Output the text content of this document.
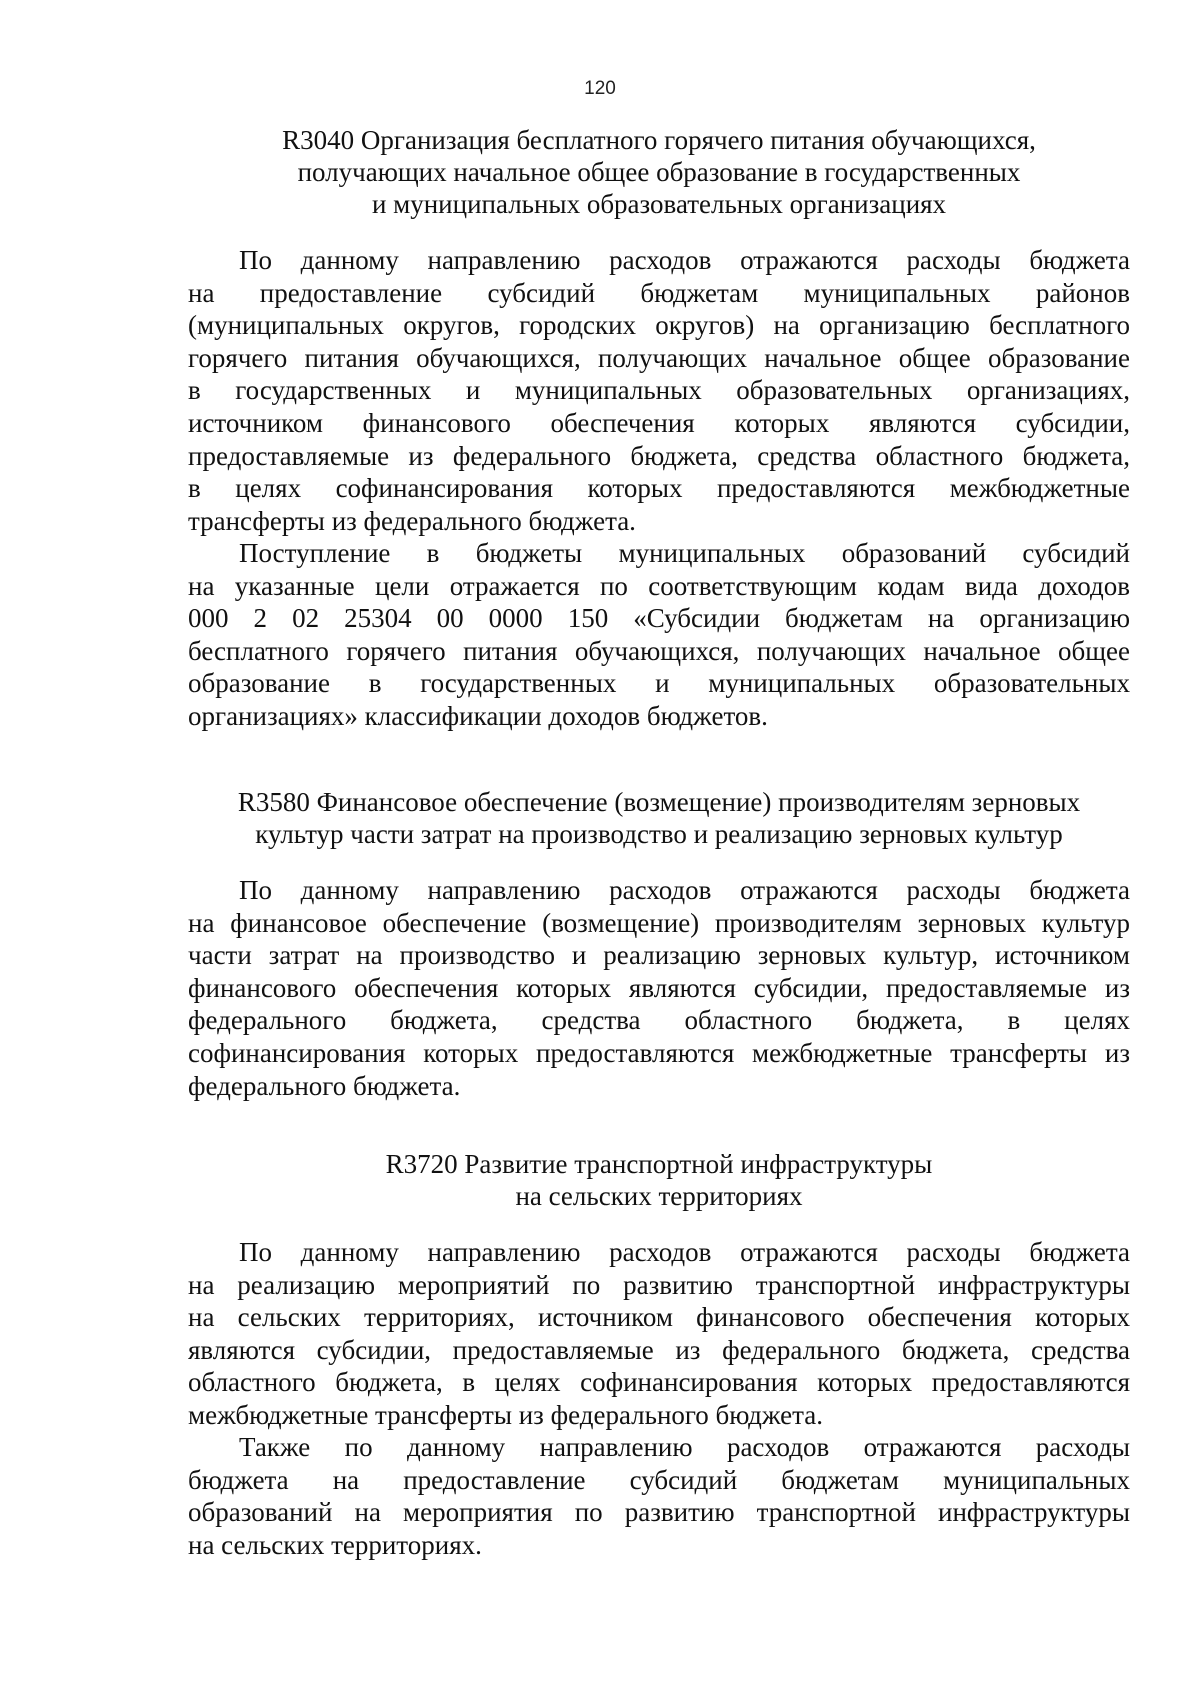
120
R3040 Организация бесплатного горячего питания обучающихся,
получающих начальное общее образование в государственных
и муниципальных образовательных организациях
По данному направлению расходов отражаются расходы бюджета
на предоставление субсидий бюджетам муниципальных районов
(муниципальных округов, городских округов) на организацию бесплатного
горячего питания обучающихся, получающих начальное общее образование
в государственных и муниципальных образовательных организациях,
источником финансового обеспечения которых являются субсидии,
предоставляемые из федерального бюджета, средства областного бюджета,
в целях софинансирования которых предоставляются межбюджетные
трансферты из федерального бюджета.
Поступление в бюджеты муниципальных образований субсидий
на указанные цели отражается по соответствующим кодам вида доходов
000 2 02 25304 00 0000 150 «Субсидии бюджетам на организацию
бесплатного горячего питания обучающихся, получающих начальное общее
образование в государственных и муниципальных образовательных
организациях» классификации доходов бюджетов.
R3580 Финансовое обеспечение (возмещение) производителям зерновых
культур части затрат на производство и реализацию зерновых культур
По данному направлению расходов отражаются расходы бюджета
на финансовое обеспечение (возмещение) производителям зерновых культур
части затрат на производство и реализацию зерновых культур, источником
финансового обеспечения которых являются субсидии, предоставляемые из
федерального бюджета, средства областного бюджета, в целях
софинансирования которых предоставляются межбюджетные трансферты из
федерального бюджета.
R3720 Развитие транспортной инфраструктуры
на сельских территориях
По данному направлению расходов отражаются расходы бюджета
на реализацию мероприятий по развитию транспортной инфраструктуры
на сельских территориях, источником финансового обеспечения которых
являются субсидии, предоставляемые из федерального бюджета, средства
областного бюджета, в целях софинансирования которых предоставляются
межбюджетные трансферты из федерального бюджета.
Также по данному направлению расходов отражаются расходы
бюджета на предоставление субсидий бюджетам муниципальных
образований на мероприятия по развитию транспортной инфраструктуры
на сельских территориях.
